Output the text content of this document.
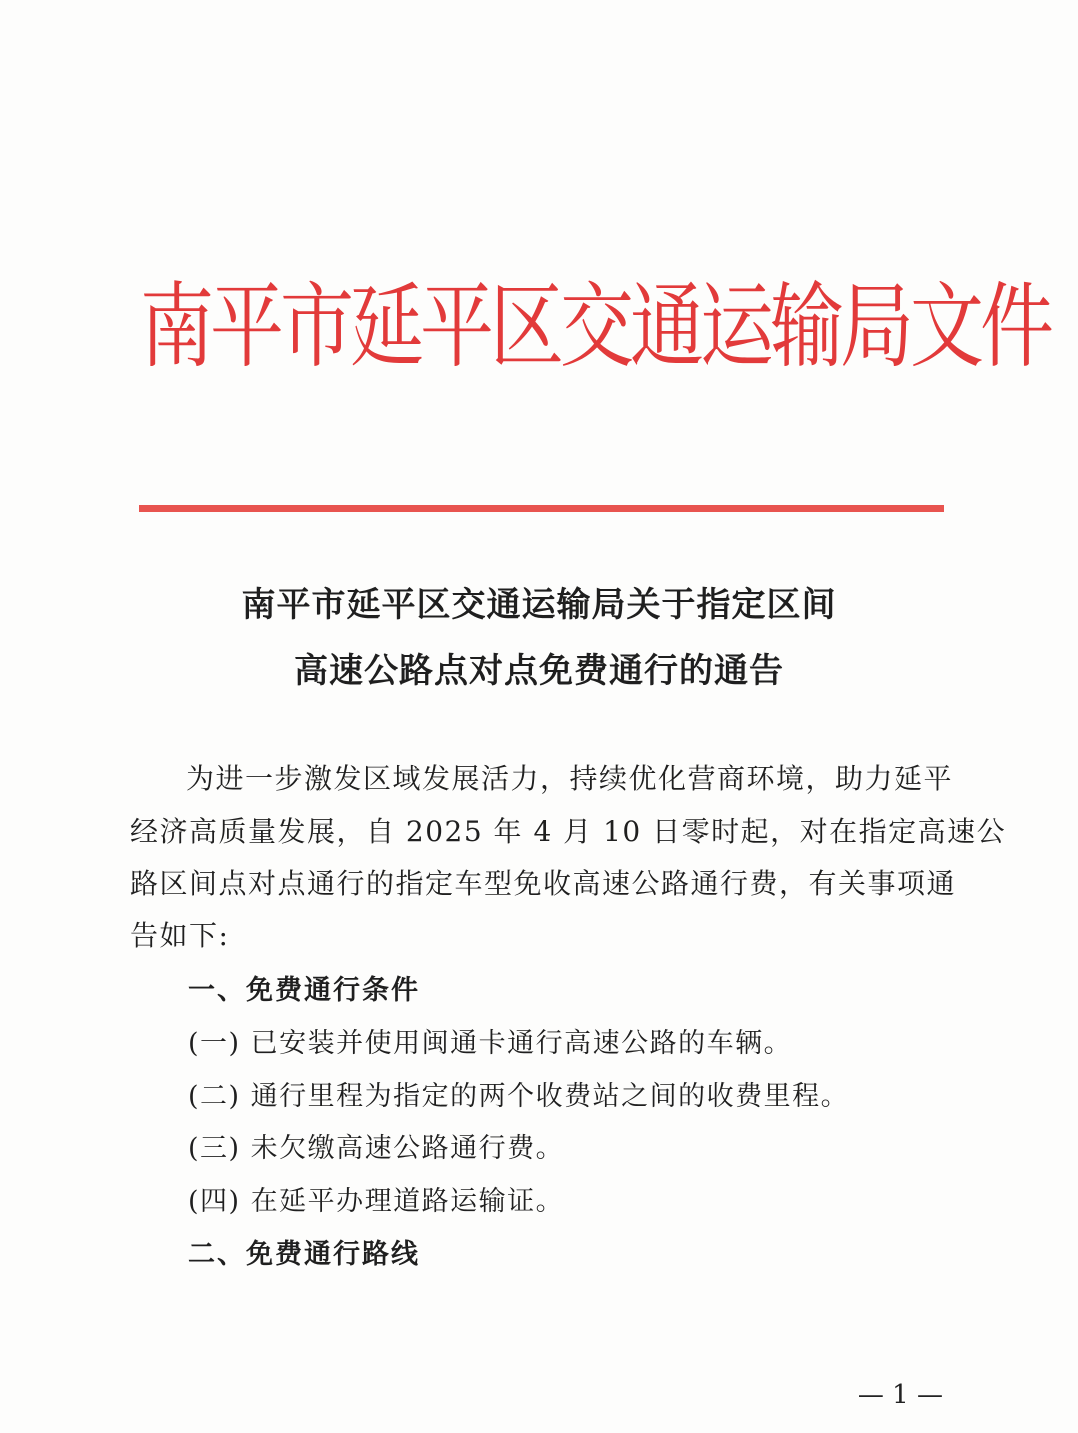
南平市延平区交通运输局文件
南平市延平区交通运输局关于指定区间
高速公路点对点免费通行的通告
为进一步激发区域发展活力，持续优化营商环境，助力延平
经济高质量发展，自 2025 年 4 月 10 日零时起，对在指定高速公
路区间点对点通行的指定车型免收高速公路通行费，有关事项通
告如下:
一、免费通行条件
(一) 已安装并使用闽通卡通行高速公路的车辆。
(二) 通行里程为指定的两个收费站之间的收费里程。
(三) 未欠缴高速公路通行费。
(四) 在延平办理道路运输证。
二、免费通行路线
— 1 —
